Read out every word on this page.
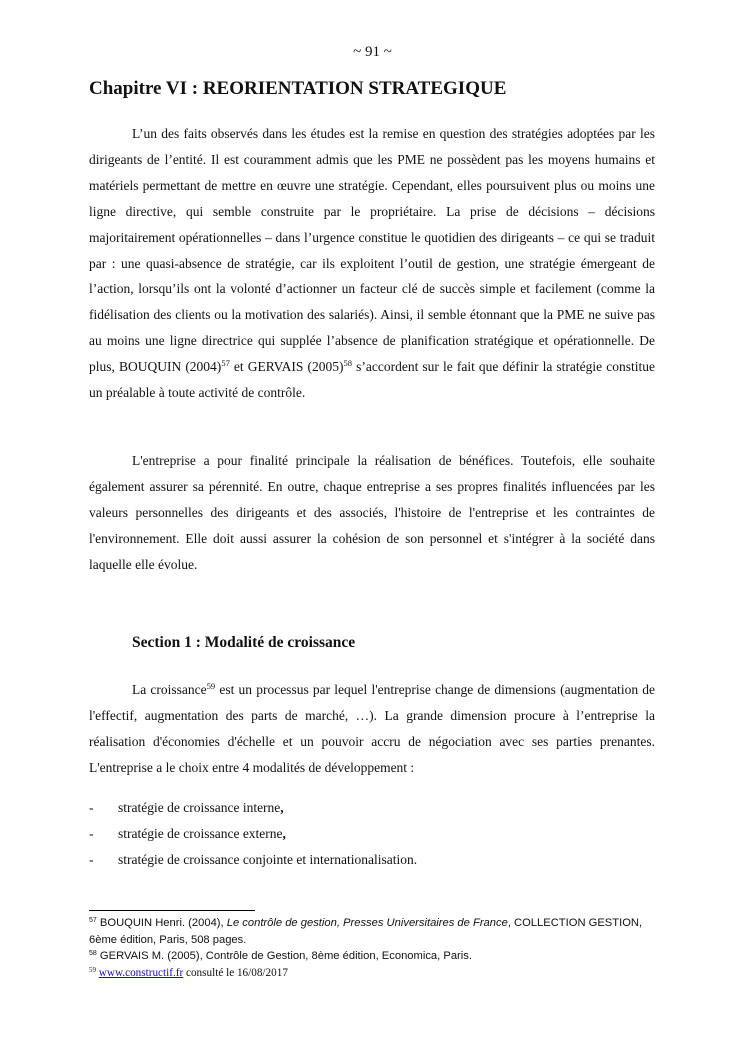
~ 91 ~
Chapitre VI : REORIENTATION STRATEGIQUE

L’un des faits observés dans les études est la remise en question des stratégies adoptées par les dirigeants de l’entité. Il est couramment admis que les PME ne possèdent pas les moyens humains et matériels permettant de mettre en œuvre une stratégie. Cependant, elles poursuivent plus ou moins une ligne directive, qui semble construite par le propriétaire. La prise de décisions – décisions majoritairement opérationnelles – dans l’urgence constitue le quotidien des dirigeants – ce qui se traduit par : une quasi-absence de stratégie, car ils exploitent l’outil de gestion, une stratégie émergeant de l’action, lorsqu’ils ont la volonté d’actionner un facteur clé de succès simple et facilement (comme la fidélisation des clients ou la motivation des salariés). Ainsi, il semble étonnant que la PME ne suive pas au moins une ligne directrice qui supplée l’absence de planification stratégique et opérationnelle. De plus, BOUQUIN $(2004)^{57}$ et GERVAIS $(2005)^{58}$ s’accordent sur le fait que définir la stratégie constitue un préalable à toute activité de contrôle.

L'entreprise a pour finalité principale la réalisation de bénéfices. Toutefois, elle souhaite également assurer sa pérennité. En outre, chaque entreprise a ses propres finalités influencées par les valeurs personnelles des dirigeants et des associés, l'histoire de l'entreprise et les contraintes de l'environnement. Elle doit aussi assurer la cohésion de son personnel et s'intégrer à la société dans laquelle elle évolue.

Section 1 : Modalité de croissance

La croissance$^{59}$ est un processus par lequel l'entreprise change de dimensions (augmentation de l'effectif, augmentation des parts de marché, …). La grande dimension procure à l’entreprise la réalisation d'économies d'échelle et un pouvoir accru de négociation avec ses parties prenantes. L'entreprise a le choix entre 4 modalités de développement :

- stratégie de croissance interne,
- stratégie de croissance externe,
- stratégie de croissance conjointe et internationalisation.

$^{57}$ BOUQUIN Henri. (2004), Le contrôle de gestion, Presses Universitaires de France, COLLECTION GESTION, 6ème édition, Paris, 508 pages.

$^{58}$ GERVAIS M. (2005), Contrôle de Gestion, 8ème édition, Economica, Paris.

$^{59}$ www.constructif.fr consulté le 16/08/2017
